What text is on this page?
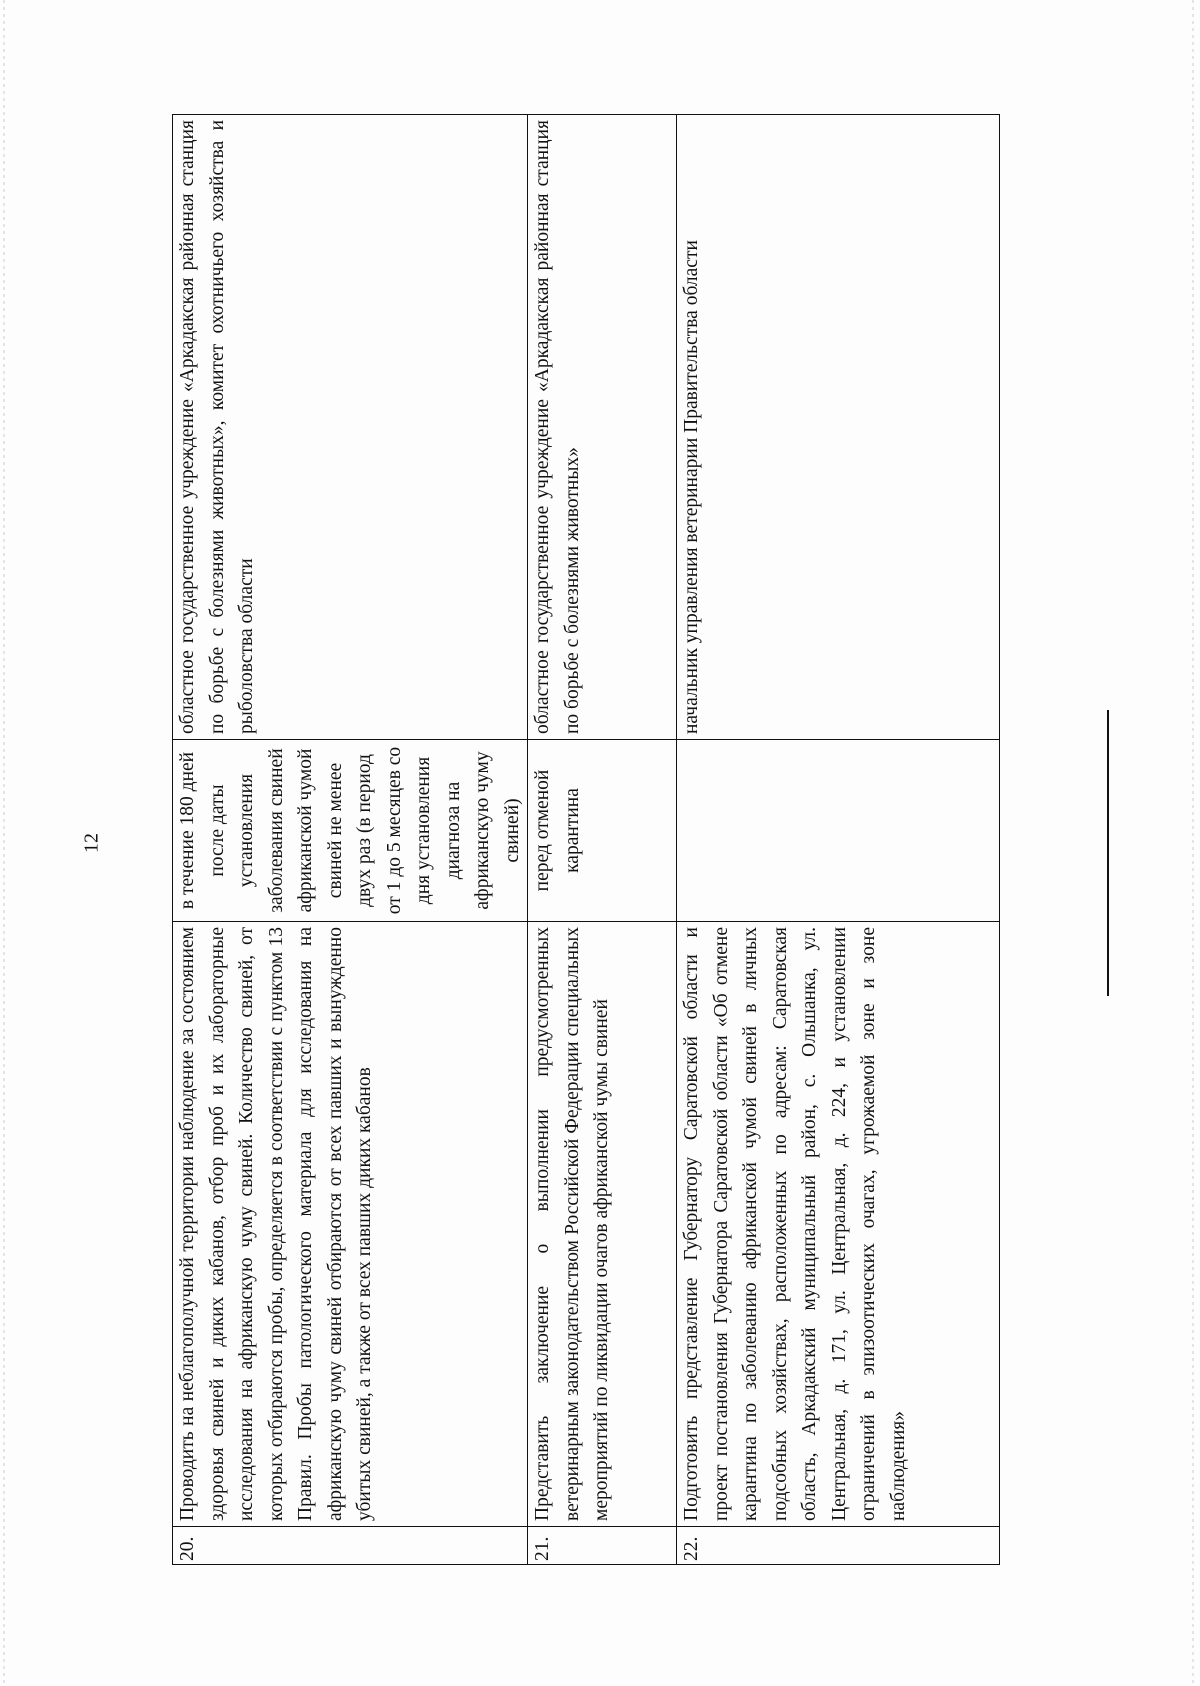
12
20.	Проводить на неблагополучной территории наблюдение за состоянием здоровья свиней и диких кабанов, отбор проб и их лабораторные исследования на африканскую чуму свиней. Количество свиней, от которых отбираются пробы, определяется в соответствии с пунктом 13 Правил. Пробы патологического материала для исследования на африканскую чуму свиней отбираются от всех павших и вынужденно убитых свиней, а также от всех павших диких кабанов	в течение 180 дней после даты установления заболевания свиней африканской чумой свиней не менее двух раз (в период от 1 до 5 месяцев со дня установления диагноза на африканскую чуму свиней)	областное государственное учреждение «Аркадакская районная станция по борьбе с болезнями животных», комитет охотничьего хозяйства и рыболовства области
21.	Представить заключение о выполнении предусмотренных ветеринарным законодательством Российской Федерации специальных мероприятий по ликвидации очагов африканской чумы свиней	перед отменой карантина	областное государственное учреждение «Аркадакская районная станция по борьбе с болезнями животных»
22.	Подготовить представление Губернатору Саратовской области и проект постановления Губернатора Саратовской области «Об отмене карантина по заболеванию африканской чумой свиней в личных подсобных хозяйствах, расположенных по адресам: Саратовская область, Аркадакский муниципальный район, с. Ольшанка, ул. Центральная, д. 171, ул. Центральная, д. 224, и установлении ограничений в эпизоотических очагах, угрожаемой зоне и зоне наблюдения»		начальник управления ветеринарии Правительства области
